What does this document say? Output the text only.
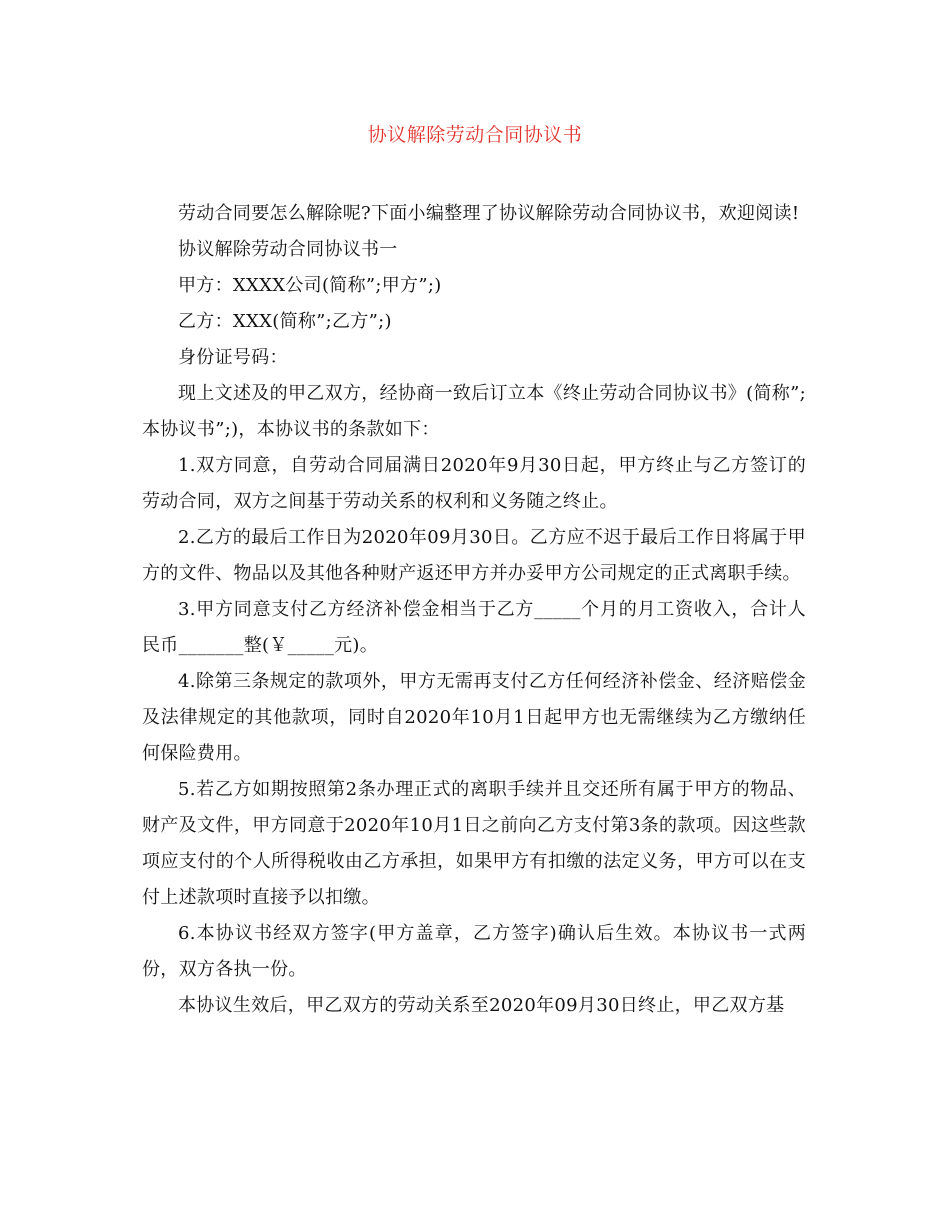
协议解除劳动合同协议书

劳动合同要怎么解除呢?下面小编整理了协议解除劳动合同协议书，欢迎阅读!

协议解除劳动合同协议书一

甲方：XXXX公司(简称”;甲方”;)

乙方：XXX(简称”;乙方”;)

身份证号码：

现上文述及的甲乙双方，经协商一致后订立本《终止劳动合同协议书》(简称”;本协议书”;)，本协议书的条款如下：

1.双方同意，自劳动合同届满日2020年9月30日起，甲方终止与乙方签订的劳动合同，双方之间基于劳动关系的权利和义务随之终止。

2.乙方的最后工作日为2020年09月30日。乙方应不迟于最后工作日将属于甲方的文件、物品以及其他各种财产返还甲方并办妥甲方公司规定的正式离职手续。

3.甲方同意支付乙方经济补偿金相当于乙方_____个月的月工资收入，合计人民币_______整(￥_____元)。

4.除第三条规定的款项外，甲方无需再支付乙方任何经济补偿金、经济赔偿金及法律规定的其他款项，同时自2020年10月1日起甲方也无需继续为乙方缴纳任何保险费用。

5.若乙方如期按照第2条办理正式的离职手续并且交还所有属于甲方的物品、财产及文件，甲方同意于2020年10月1日之前向乙方支付第3条的款项。因这些款项应支付的个人所得税收由乙方承担，如果甲方有扣缴的法定义务，甲方可以在支付上述款项时直接予以扣缴。

6.本协议书经双方签字(甲方盖章，乙方签字)确认后生效。本协议书一式两份，双方各执一份。

本协议生效后，甲乙双方的劳动关系至2020年09月30日终止，甲乙双方基
